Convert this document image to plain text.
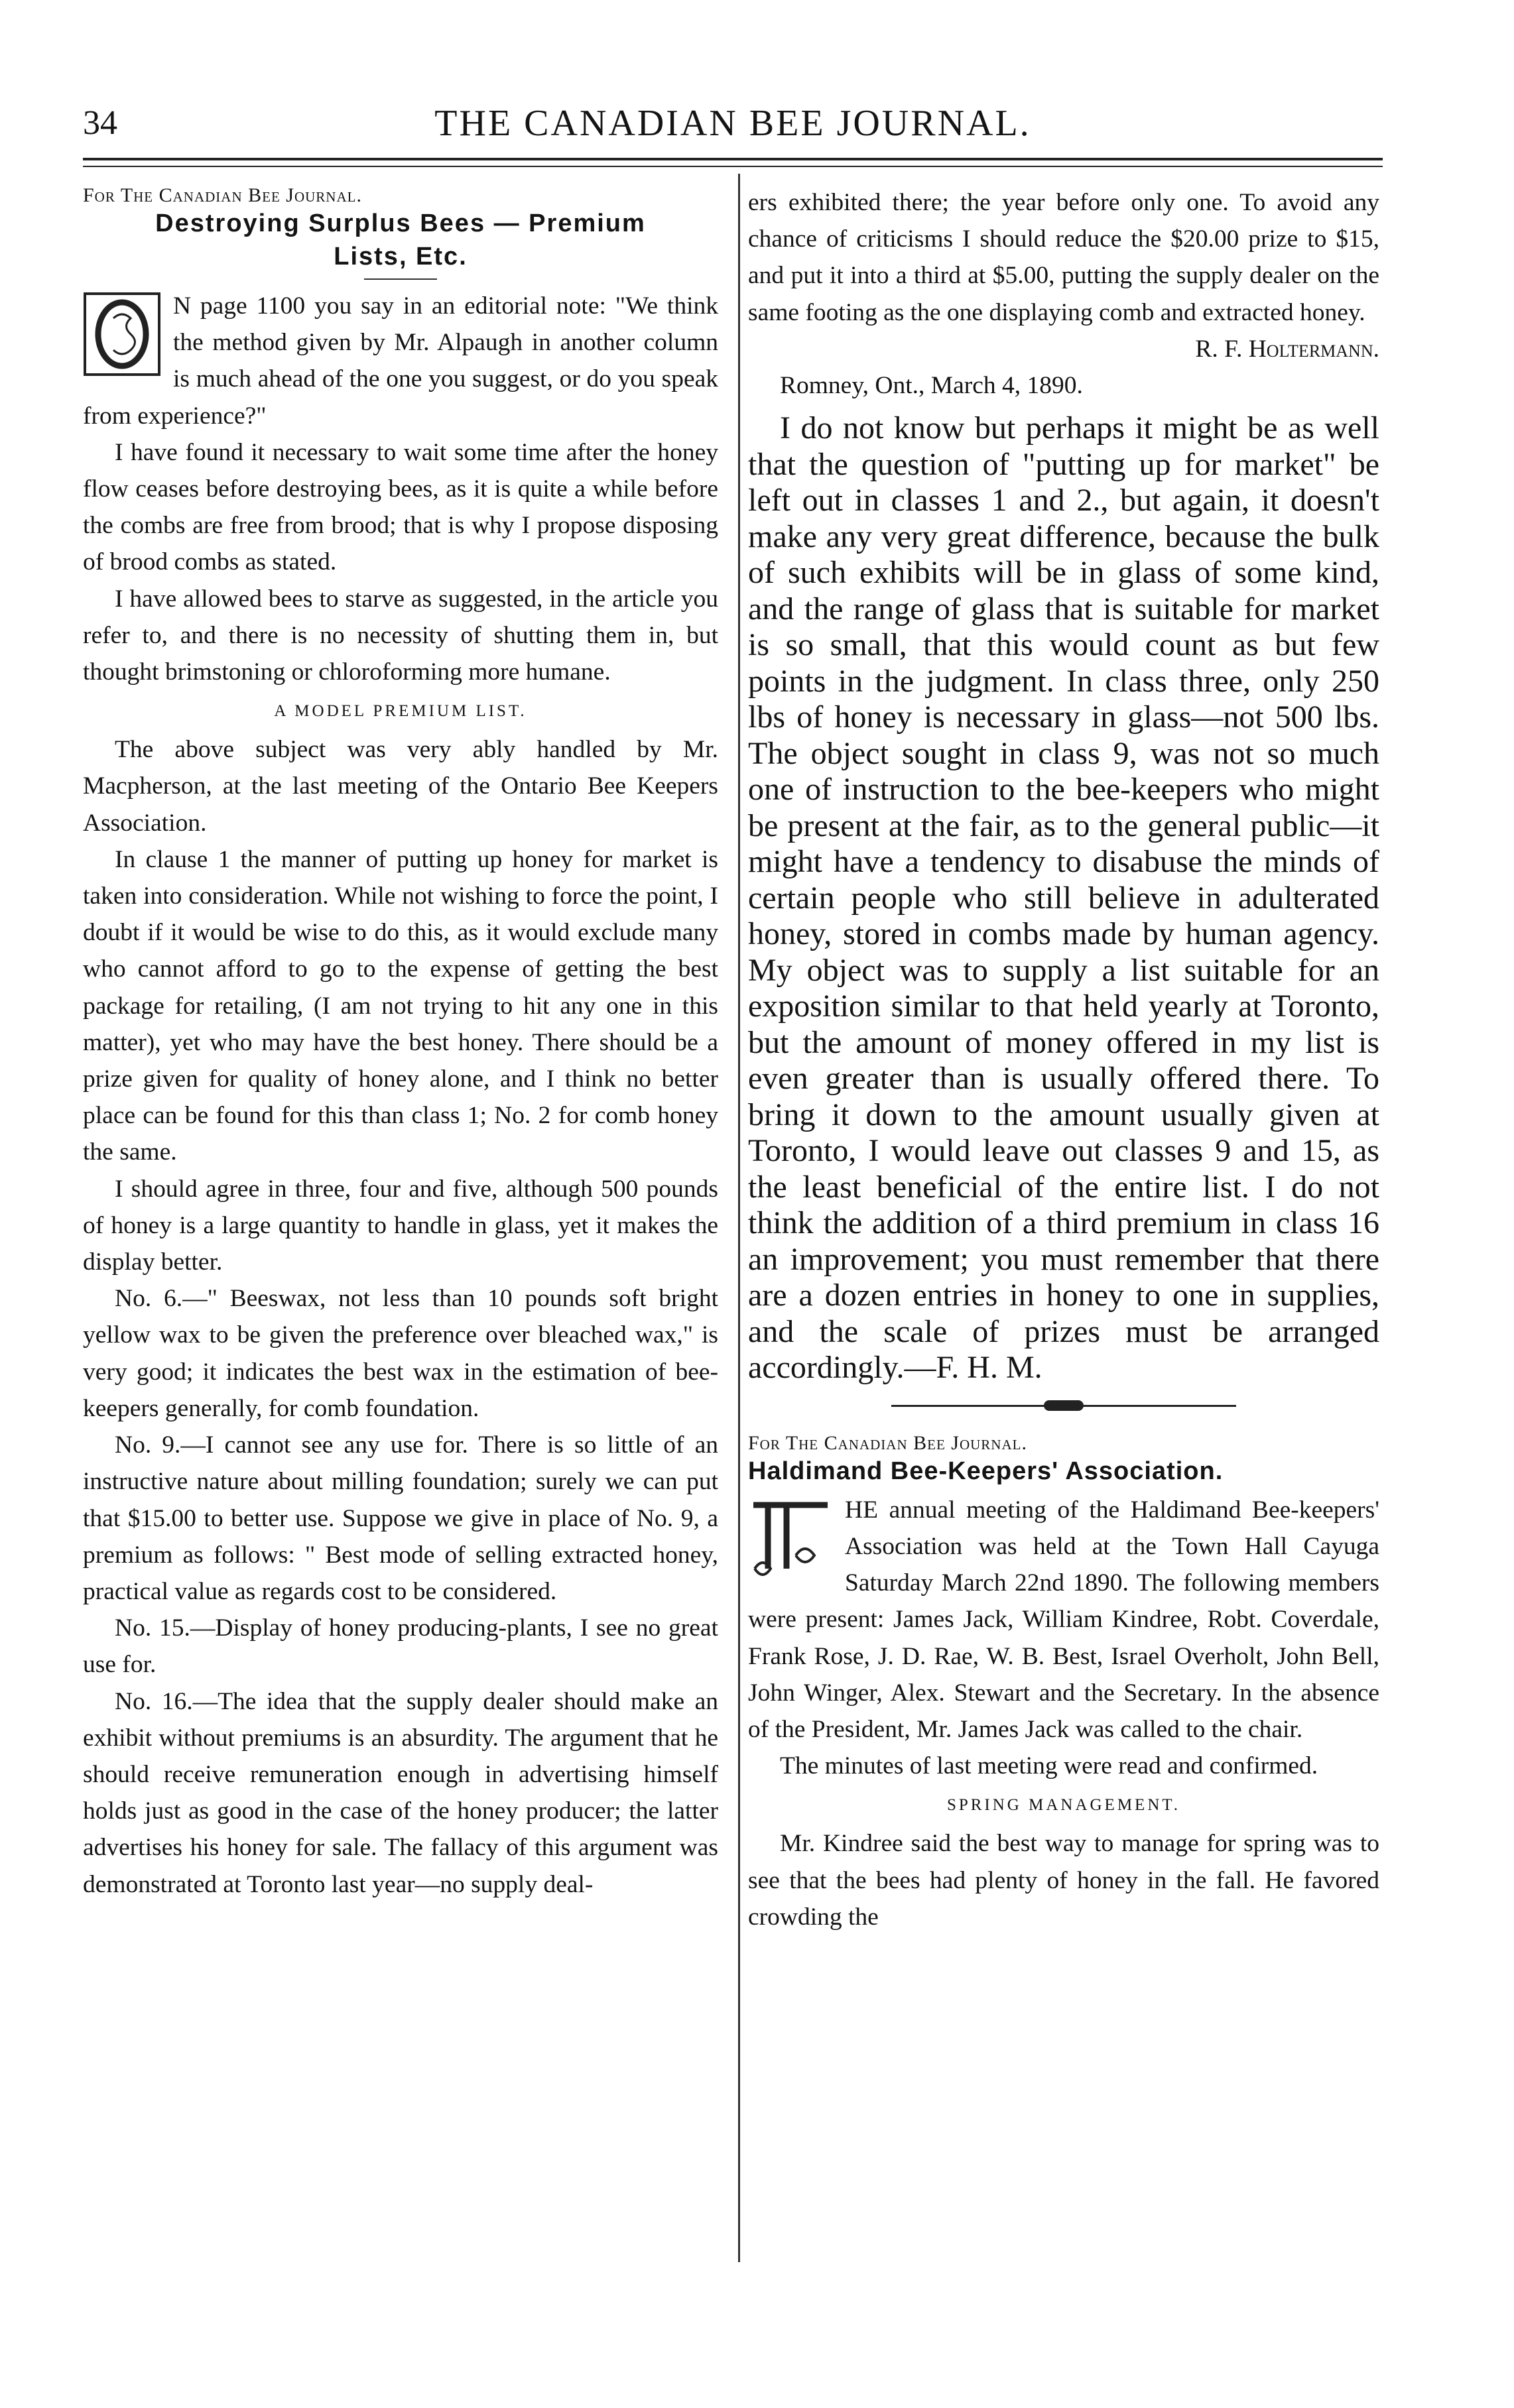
34	THE CANADIAN BEE JOURNAL.

For The Canadian Bee Journal.

Destroying Surplus Bees — Premium
Lists, Etc.

N page 1100 you say in an editorial note: "We think the method given by Mr. Alpaugh in another column is much ahead of the one you suggest, or do you speak from experience?"

I have found it necessary to wait some time after the honey flow ceases before destroying bees, as it is quite a while before the combs are free from brood; that is why I propose disposing of brood combs as stated.

I have allowed bees to starve as suggested, in the article you refer to, and there is no necessity of shutting them in, but thought brimstoning or chloroforming more humane.

A MODEL PREMIUM LIST.

The above subject was very ably handled by Mr. Macpherson, at the last meeting of the Ontario Bee Keepers Association.

In clause 1 the manner of putting up honey for market is taken into consideration. While not wishing to force the point, I doubt if it would be wise to do this, as it would exclude many who cannot afford to go to the expense of getting the best package for retailing, (I am not trying to hit any one in this matter), yet who may have the best honey. There should be a prize given for quality of honey alone, and I think no better place can be found for this than class 1; No. 2 for comb honey the same.

I should agree in three, four and five, although 500 pounds of honey is a large quantity to handle in glass, yet it makes the display better.

No. 6.—" Beeswax, not less than 10 pounds soft bright yellow wax to be given the preference over bleached wax," is very good; it indicates the best wax in the estimation of bee-keepers generally, for comb foundation.

No. 9.—I cannot see any use for. There is so little of an instructive nature about milling foundation; surely we can put that $15.00 to better use. Suppose we give in place of No. 9, a premium as follows: " Best mode of selling extracted honey, practical value as regards cost to be considered.

No. 15.—Display of honey producing-plants, I see no great use for.

No. 16.—The idea that the supply dealer should make an exhibit without premiums is an absurdity. The argument that he should receive remuneration enough in advertising himself holds just as good in the case of the honey producer; the latter advertises his honey for sale. The fallacy of this argument was demonstrated at Toronto last year—no supply deal-

ers exhibited there; the year before only one. To avoid any chance of criticisms I should reduce the $20.00 prize to $15, and put it into a third at $5.00, putting the supply dealer on the same footing as the one displaying comb and extracted honey.

R. F. Holtermann.

Romney, Ont., March 4, 1890.

I do not know but perhaps it might be as well that the question of "putting up for market" be left out in classes 1 and 2., but again, it doesn't make any very great difference, because the bulk of such exhibits will be in glass of some kind, and the range of glass that is suitable for market is so small, that this would count as but few points in the judgment. In class three, only 250 lbs of honey is necessary in glass—not 500 lbs. The object sought in class 9, was not so much one of instruction to the bee-keepers who might be present at the fair, as to the general public—it might have a tendency to disabuse the minds of certain people who still believe in adulterated honey, stored in combs made by human agency. My object was to supply a list suitable for an exposition similar to that held yearly at Toronto, but the amount of money offered in my list is even greater than is usually offered there. To bring it down to the amount usually given at Toronto, I would leave out classes 9 and 15, as the least beneficial of the entire list. I do not think the addition of a third premium in class 16 an improvement; you must remember that there are a dozen entries in honey to one in supplies, and the scale of prizes must be arranged accordingly.—F. H. M.

For The Canadian Bee Journal.

Haldimand Bee-Keepers' Association.

HE annual meeting of the Haldimand Bee-keepers' Association was held at the Town Hall Cayuga Saturday March 22nd 1890. The following members were present: James Jack, William Kindree, Robt. Coverdale, Frank Rose, J. D. Rae, W. B. Best, Israel Overholt, John Bell, John Winger, Alex. Stewart and the Secretary. In the absence of the President, Mr. James Jack was called to the chair.

The minutes of last meeting were read and confirmed.

SPRING MANAGEMENT.

Mr. Kindree said the best way to manage for spring was to see that the bees had plenty of honey in the fall. He favored crowding the
